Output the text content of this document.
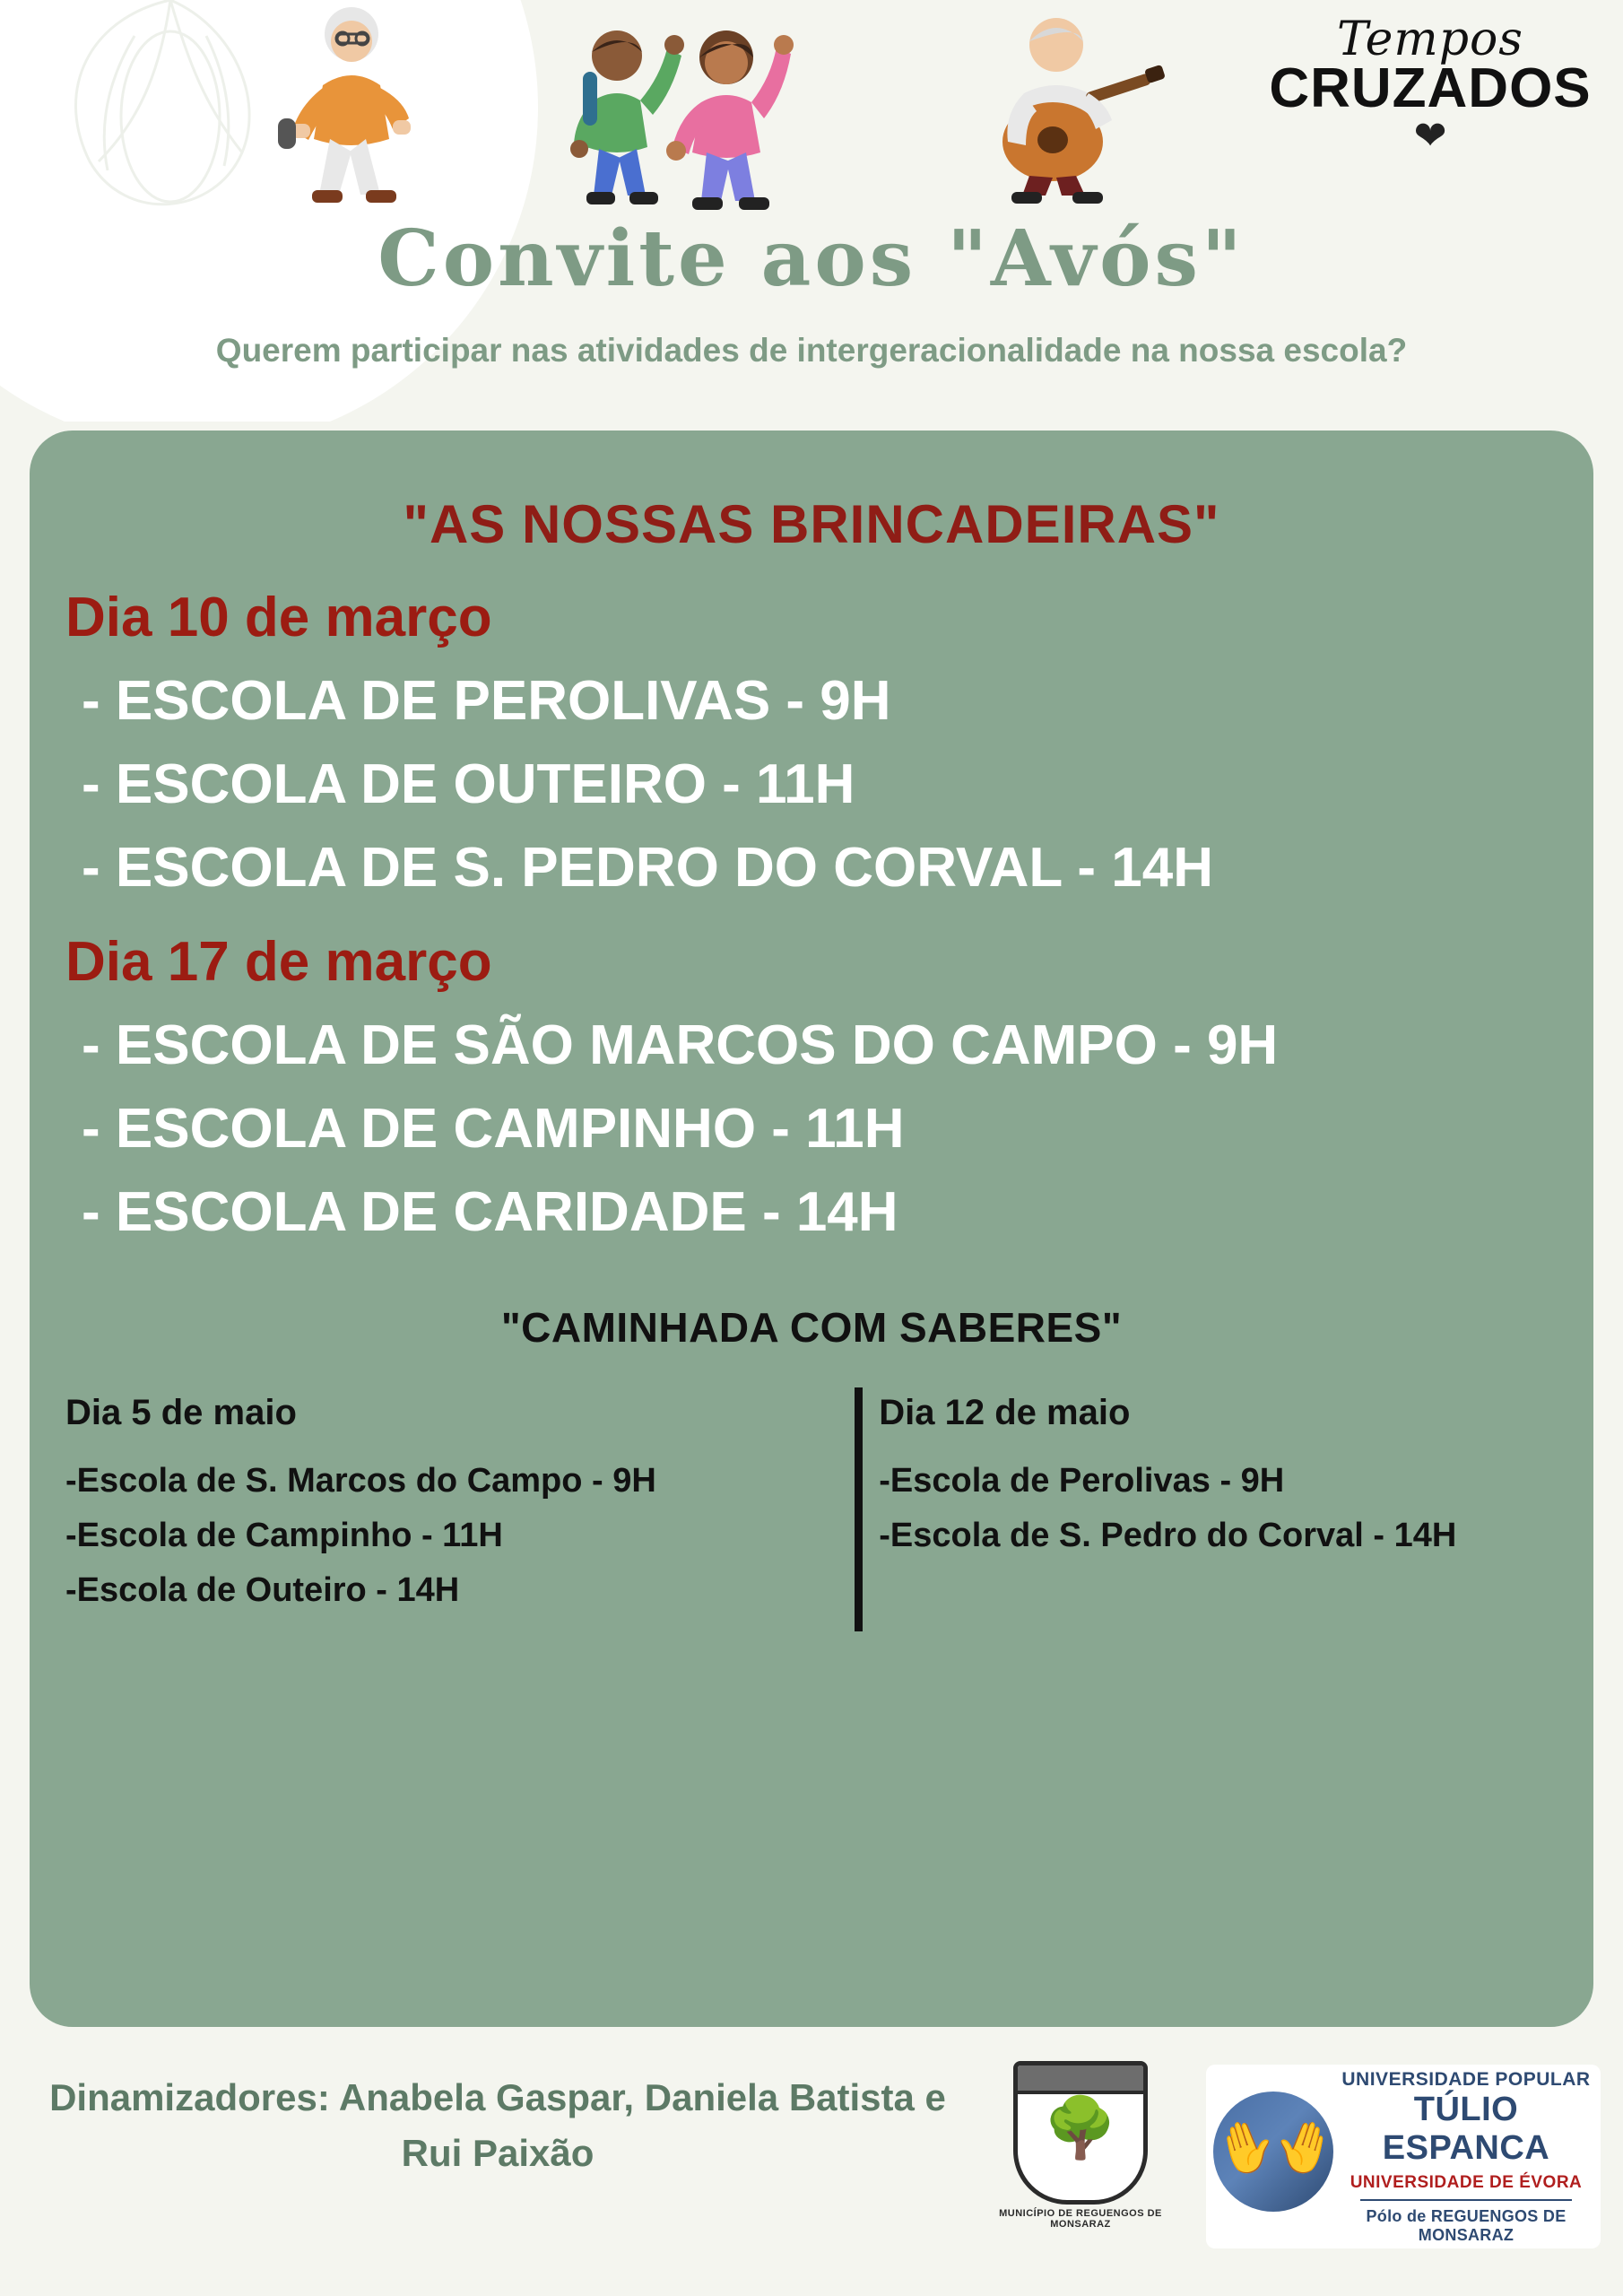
Tempos
CRUZADOS
❤
Convite aos "Avós"
Querem participar nas atividades de intergeracionalidade na nossa escola?
"AS NOSSAS BRINCADEIRAS"
Dia 10 de março
- ESCOLA DE PEROLIVAS - 9H
- ESCOLA DE OUTEIRO - 11H
- ESCOLA DE S. PEDRO DO CORVAL - 14H
Dia 17 de março
- ESCOLA DE SÃO MARCOS DO CAMPO - 9H
- ESCOLA DE CAMPINHO - 11H
- ESCOLA DE CARIDADE - 14H
"CAMINHADA COM SABERES"
Dia 5 de maio
-Escola de S. Marcos do Campo - 9H
-Escola de Campinho - 11H
-Escola de Outeiro - 14H
Dia 12 de maio
-Escola de Perolivas - 9H
-Escola de S. Pedro do Corval - 14H
Dinamizadores: Anabela Gaspar, Daniela Batista e Rui Paixão	🌳
MUNICÍPIO DE REGUENGOS DE MONSARAZ
✋
✋
UNIVERSIDADE POPULAR
TÚLIO ESPANCA
UNIVERSIDADE DE ÉVORA
Pólo de REGUENGOS DE MONSARAZ
